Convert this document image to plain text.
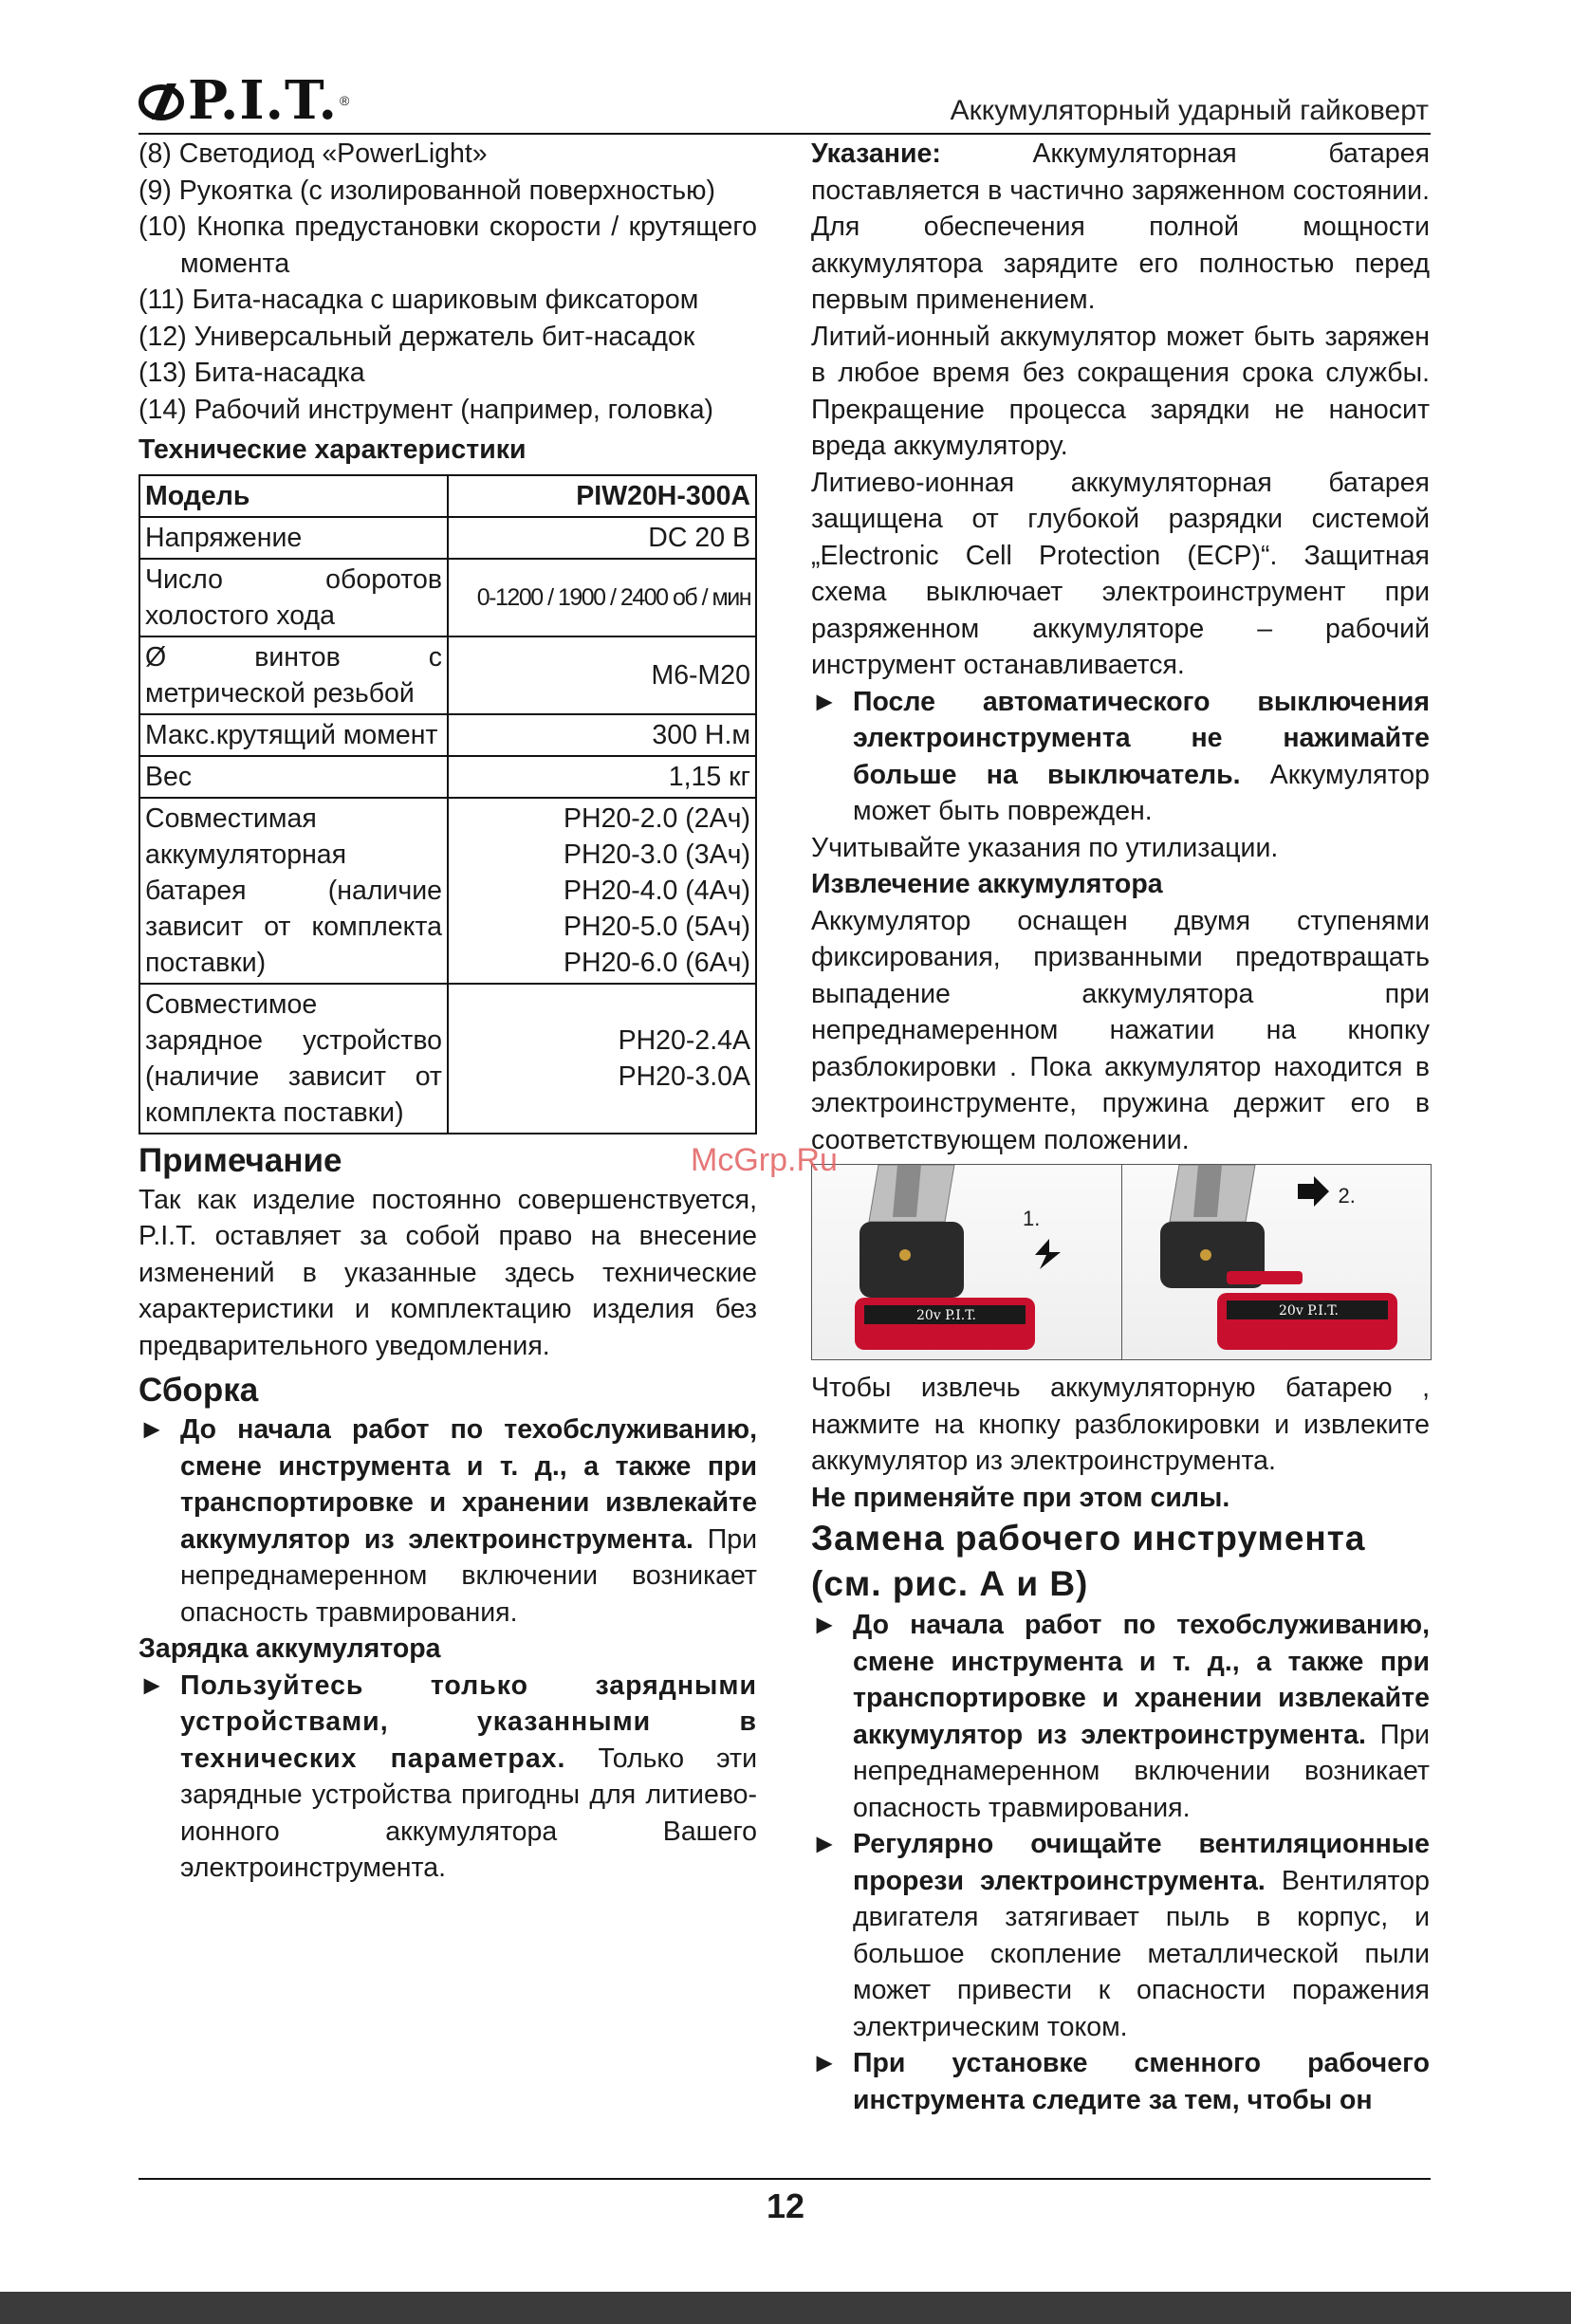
P.I.T. ®	Аккумуляторный ударный гайковерт
(8) Светодиод «PowerLight»
(9) Рукоятка (с изолированной поверхностью)
(10) Кнопка предустановки скорости / крутящего момента
(11) Бита-насадка с шариковым фиксатором
(12) Универсальный держатель бит-насадок
(13) Бита-насадка
(14) Рабочий инструмент (например, головка)
Технические характеристики
Модель	PIW20H-300A
Напряжение	DC 20 В
Число оборотов холостого хода	0-1200 / 1900 / 2400 об / мин
Ø винтов с метрической резьбой	M6-M20
Макс.крутящий момент	300 Н.м
Вес	1,15 кг
Совместимая аккумуляторная батарея (наличие зависит от комплекта поставки)	PH20-2.0 (2Ач)
PH20-3.0 (3Ач)
PH20-4.0 (4Ач)
PH20-5.0 (5Ач)
PH20-6.0 (6Ач)

Совместимое зарядное устройство (наличие зависит от комплекта поставки)	PH20-2.4A
PH20-3.0A
Примечание
Так как изделие постоянно совершенствуется, P.I.T. оставляет за собой право на внесение изменений в указанные здесь технические характеристики и комплектацию изделия без предварительного уведомления.
Сборка
► До начала работ по техобслуживанию, смене инструмента и т. д., а также при транспортировке и хранении извлекайте аккумулятор из электроинструмента. При непреднамеренном включении возникает опасность травмирования.
Зарядка аккумулятора
► Пользуйтесь только зарядными устройствами, указанными в технических параметрах. Только эти зарядные устройства пригодны для литиево-ионного аккумулятора Вашего электроинструмента.
Указание: Аккумуляторная батарея поставляется в частично заряженном состоянии. Для обеспечения полной мощности аккумулятора зарядите его полностью перед первым применением.
Литий-ионный аккумулятор может быть заряжен в любое время без сокращения срока службы. Прекращение процесса зарядки не наносит вреда аккумулятору.
Литиево-ионная аккумуляторная батарея защищена от глубокой разрядки системой „Electronic Cell Protection (ECP)“. Защитная схема выключает электроинструмент при разряженном аккумуляторе – рабочий инструмент останавливается.
► После автоматического выключения электроинструмента не нажимайте больше на выключатель. Аккумулятор может быть поврежден.
Учитывайте указания по утилизации.
Извлечение аккумулятора
Аккумулятор оснащен двумя ступенями фиксирования, призванными предотвращать выпадение аккумулятора при непреднамеренном нажатии на кнопку разблокировки . Пока аккумулятор находится в электроинструменте, пружина держит его в соответствующем положении.
20v P.I.T.
1.
20v P.I.T.
2.
Чтобы извлечь аккумуляторную батарею , нажмите на кнопку разблокировки и извлеките аккумулятор из электроинструмента.
Не применяйте при этом силы.
Замена рабочего инструмента (см. рис. А и В)
► До начала работ по техобслуживанию, смене инструмента и т. д., а также при транспортировке и хранении извлекайте аккумулятор из электроинструмента. При непреднамеренном включении возникает опасность травмирования.
► Регулярно очищайте вентиляционные прорези электроинструмента. Вентилятор двигателя затягивает пыль в корпус, и большое скопление металлической пыли может привести к опасности поражения электрическим током.
► При установке сменного рабочего инструмента следите за тем, чтобы он
McGrp.Ru
12
